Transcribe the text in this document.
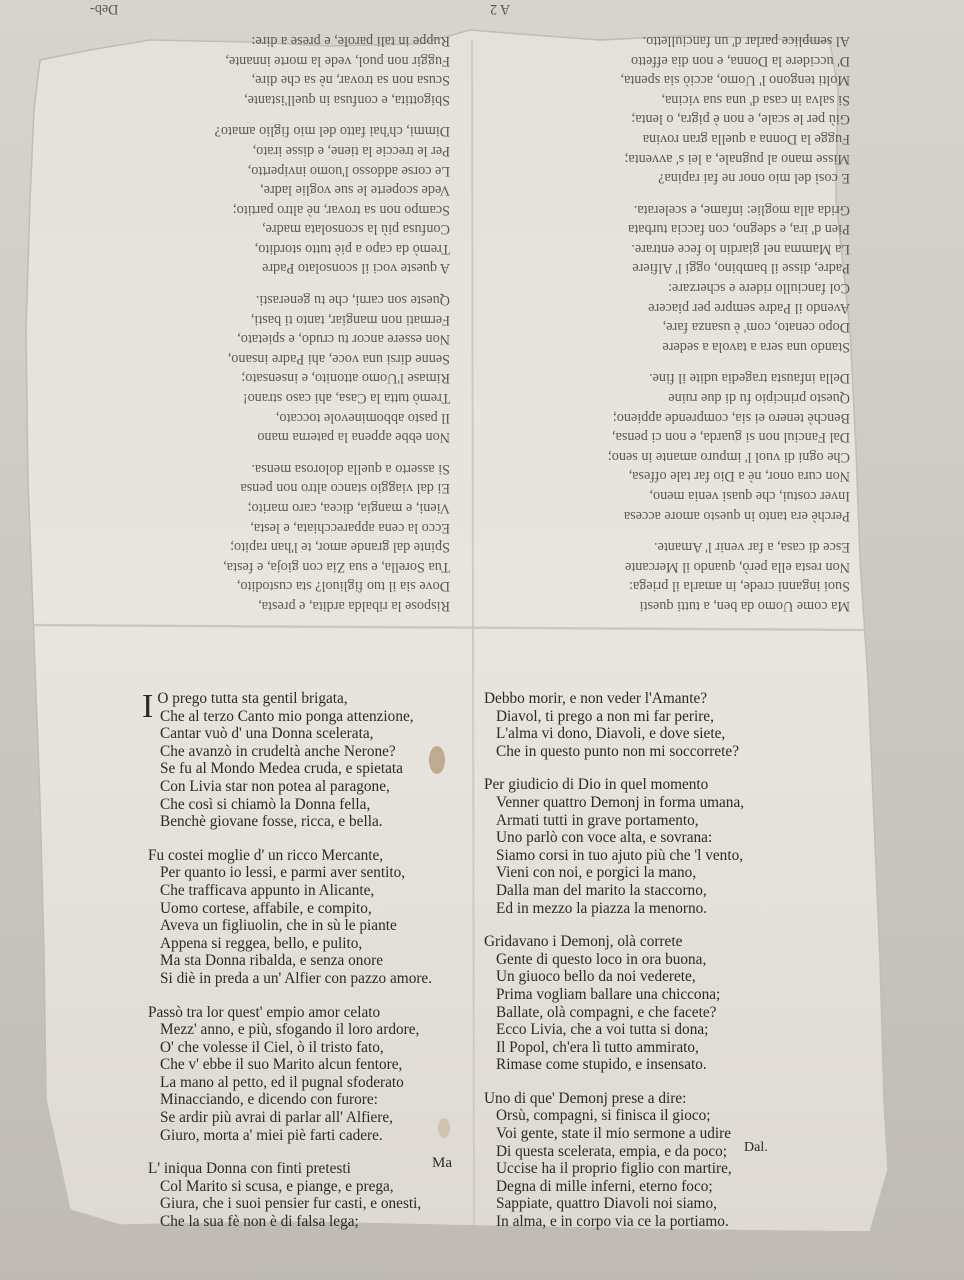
Ma come Uomo da ben, a tutti questi
Suoi inganni crede, in amarla il priega:
Non resta ella però, quando il Mercante
Esce di casa, a far venir l' Amante.
Perchè era tanto in questo amore accesa
Inver costui, che quasi venia meno,
Non cura onor, nè a Dio far tale offesa,
Che ogni di vuol l' impuro amante in seno;
Dal Fanciul non si guarda, e non ci pensa,
Benchè tenero ei sia, comprende appieno;
Questo principio fu di due ruine
Della infausta tragedia udite il fine.
Stando una sera a tavola a sedere
Dopo cenato, com' è usanza fare,
Avendo il Padre sempre per piacere
Col fanciullo ridere e scherzare:
Padre, disse il bambino, oggi l' Alfiere
La Mamma nel giardin lo fece entrare.
Pien d' ira, e sdegno, con faccia turbata
Grida alla moglie: infame, e scelerata.
E così del mio onor ne fai rapina?
Misse mano al pugnale, a lei s' avventa;
Fugge la Donna a quella gran rovina
Giù per le scale, e non è pigra, o lenta;
Si salva in casa d' una sua vicina,
Molti tengono l' Uomo, acciò sia spenta,
D' uccidere la Donna, e non dia effetto
Al semplice parlar d' un fanciulletto.
A 2
Rispose la ribalda ardita, e presta,
Dove sia il tuo figliuol? sta custodito,
Tua Sorella, e sua Zia con gioja, e festa,
Spinte dal grande amor, te l'han rapito;
Ecco la cena apparecchiata, e lesta,
Vieni, e mangia, dicea, caro marito;
Ei dal viaggio stanco altro non pensa
Si asserto a quella dolorosa mensa.
Non ebbe appena la paterna mano
Il pasto abbominevole toccato,
Tremò tutta la Casa, ahi caso strano!
Rimase l'Uomo attonito, e insensato;
Senne dirsi una voce, ahi Padre insano,
Non essere ancor tu crudo, e spietato,
Fermati non mangiar, tanto ti basti,
Queste son carni, che tu generasti.
A queste voci il sconsolato Padre
Tremò da capo a piè tutto stordito,
Confusa più la sconsolata madre,
Scampo non sa trovar, nè altro partito;
Vede scoperte le sue voglie ladre,
Le corse addosso l'uomo invipertto,
Per le treccie la tiene, e disse irato,
Dimmi, ch'hai fatto del mio figlio amato?
Sbigottita, e confusa in quell'istante,
Scusa non sa trovar, nè sa che dire,
Fuggir non puol, vede la morte innante,
Ruppe in tali parole, e prese a dire:
Deb-
I O prego tutta sta gentil brigata,
Che al terzo Canto mio ponga attenzione,
Cantar vuò d' una Donna scelerata,
Che avanzò in crudeltà anche Nerone?
Se fu al Mondo Medea cruda, e spietata
Con Livia star non potea al paragone,
Che così si chiamò la Donna fella,
Benchè giovane fosse, ricca, e bella.
Fu costei moglie d' un ricco Mercante,
Per quanto io lessi, e parmi aver sentito,
Che trafficava appunto in Alicante,
Uomo cortese, affabile, e compito,
Aveva un figliuolin, che in sù le piante
Appena si reggea, bello, e pulito,
Ma sta Donna ribalda, e senza onore
Si diè in preda a un' Alfier con pazzo amore.
Passò tra lor quest' empio amor celato
Mezz' anno, e più, sfogando il loro ardore,
O' che volesse il Ciel, ò il tristo fato,
Che v' ebbe il suo Marito alcun fentore,
La mano al petto, ed il pugnal sfoderato
Minacciando, e dicendo con furore:
Se ardir più avrai di parlar all' Alfiere,
Giuro, morta a' miei piè farti cadere.
L' iniqua Donna con finti pretesti
Col Marito si scusa, e piange, e prega,
Giura, che i suoi pensier fur casti, e onesti,
Che la sua fè non è di falsa lega;
Debbo morir, e non veder l'Amante?
Diavol, ti prego a non mi far perire,
L'alma vi dono, Diavoli, e dove siete,
Che in questo punto non mi soccorrete?
Per giudicio di Dio in quel momento
Venner quattro Demonj in forma umana,
Armati tutti in grave portamento,
Uno parlò con voce alta, e sovrana:
Siamo corsi in tuo ajuto più che 'l vento,
Vieni con noi, e porgici la mano,
Dalla man del marito la staccorno,
Ed in mezzo la piazza la menorno.
Gridavano i Demonj, olà correte
Gente di questo loco in ora buona,
Un giuoco bello da noi vederete,
Prima vogliam ballare una chiccona;
Ballate, olà compagni, e che facete?
Ecco Livia, che a voi tutta si dona;
Il Popol, ch'era lì tutto ammirato,
Rimase come stupido, e insensato.
Uno di que' Demonj prese a dire:
Orsù, compagni, si finisca il gioco;
Voi gente, state il mio sermone a udire
Di questa scelerata, empia, e da poco;
Uccise ha il proprio figlio con martire,
Degna di mille inferni, eterno foco;
Sappiate, quattro Diavoli noi siamo,
In alma, e in corpo via ce la portiamo.
Ma
Dal.
